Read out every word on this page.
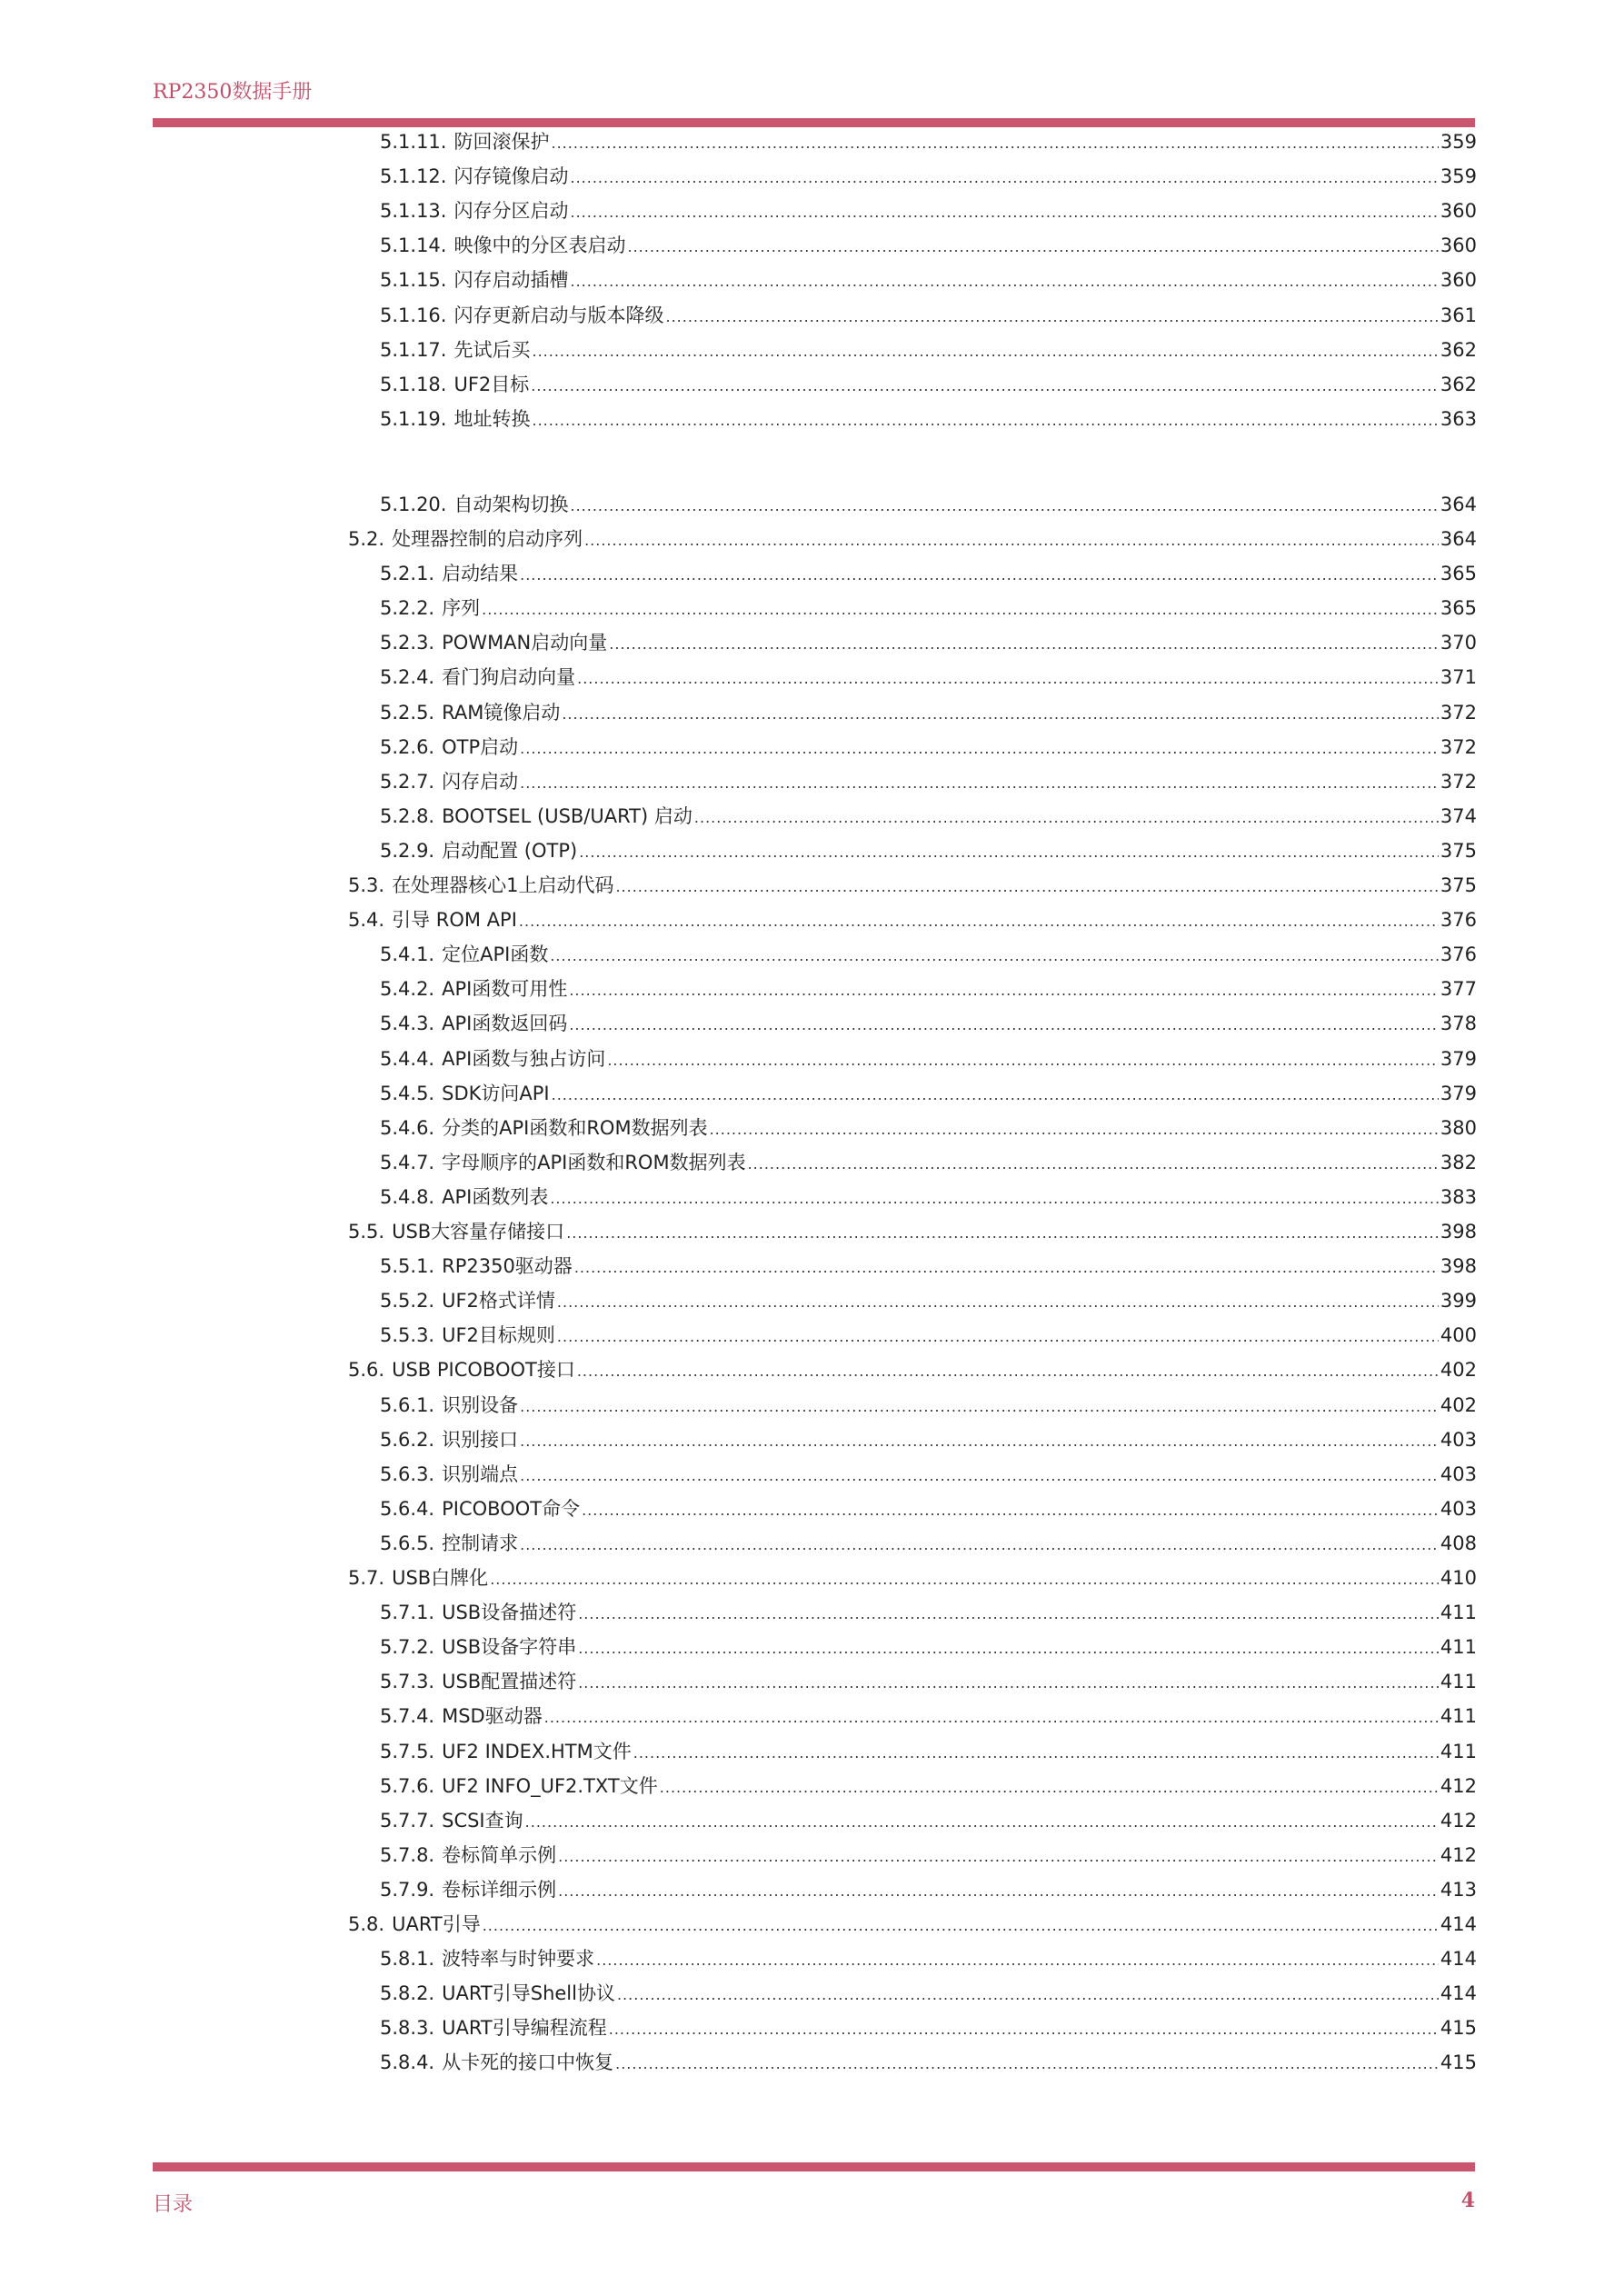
RP2350数据手册
5.1.11. 防回滚保护 .....	359
5.1.12. 闪存镜像启动 .....	359
5.1.13. 闪存分区启动 .....	360
5.1.14. 映像中的分区表启动 .....	360
5.1.15. 闪存启动插槽 .....	360
5.1.16. 闪存更新启动与版本降级 .....	361
5.1.17. 先试后买 .....	362
5.1.18. UF2目标 .....	362
5.1.19. 地址转换 .....	363
5.1.20. 自动架构切换 .....	364
5.2. 处理器控制的启动序列 .....	364
5.2.1. 启动结果 .....	365
5.2.2. 序列 .....	365
5.2.3. POWMAN启动向量 .....	370
5.2.4. 看门狗启动向量 .....	371
5.2.5. RAM镜像启动 .....	372
5.2.6. OTP启动 .....	372
5.2.7. 闪存启动 .....	372
5.2.8. BOOTSEL (USB/UART) 启动 .....	374
5.2.9. 启动配置 (OTP) .....	375
5.3. 在处理器核心1上启动代码 .....	375
5.4. 引导 ROM API .....	376
5.4.1. 定位API函数 .....	376
5.4.2. API函数可用性 .....	377
5.4.3. API函数返回码 .....	378
5.4.4. API函数与独占访问 .....	379
5.4.5. SDK访问API .....	379
5.4.6. 分类的API函数和ROM数据列表 .....	380
5.4.7. 字母顺序的API函数和ROM数据列表 .....	382
5.4.8. API函数列表 .....	383
5.5. USB大容量存储接口 .....	398
5.5.1. RP2350驱动器 .....	398
5.5.2. UF2格式详情 .....	399
5.5.3. UF2目标规则 .....	400
5.6. USB PICOBOOT接口 .....	402
5.6.1. 识别设备 .....	402
5.6.2. 识别接口 .....	403
5.6.3. 识别端点 .....	403
5.6.4. PICOBOOT命令 .....	403
5.6.5. 控制请求 .....	408
5.7. USB白牌化 .....	410
5.7.1. USB设备描述符 .....	411
5.7.2. USB设备字符串 .....	411
5.7.3. USB配置描述符 .....	411
5.7.4. MSD驱动器 .....	411
5.7.5. UF2 INDEX.HTM文件 .....	411
5.7.6. UF2 INFO_UF2.TXT文件 .....	412
5.7.7. SCSI查询 .....	412
5.7.8. 卷标简单示例 .....	412
5.7.9. 卷标详细示例 .....	413
5.8. UART引导 .....	414
5.8.1. 波特率与时钟要求 .....	414
5.8.2. UART引导Shell协议 .....	414
5.8.3. UART引导编程流程 .....	415
5.8.4. 从卡死的接口中恢复 .....	415
目录	4
